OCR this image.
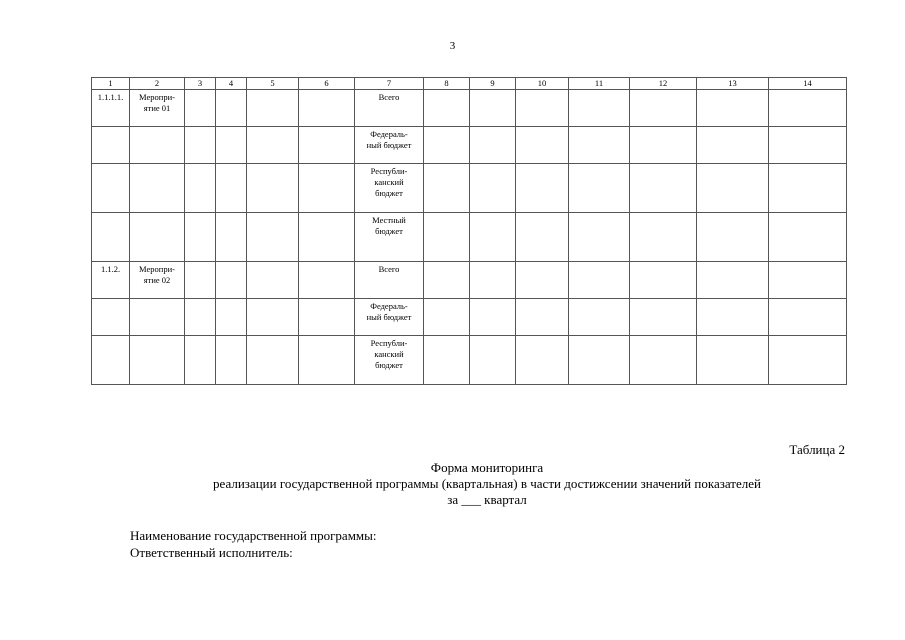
3
1	2	3	4	5	6	7	8	9	10	11	12	13	14

1.1.1.1.	Меропри-
ятие 01					Всего							

						Федераль-
ный бюджет							

						Республи-
канский
бюджет							

						Местный
бюджет							

1.1.2.	Меропри-
ятие 02					Всего							

						Федераль-
ный бюджет							

						Республи-
канский
бюджет							

Таблица 2
Форма мониторинга
реализации государственной программы (квартальная) в части достижсении значений показателей
за ___ квартал
Наименование государственной программы:
Ответственный исполнитель:
